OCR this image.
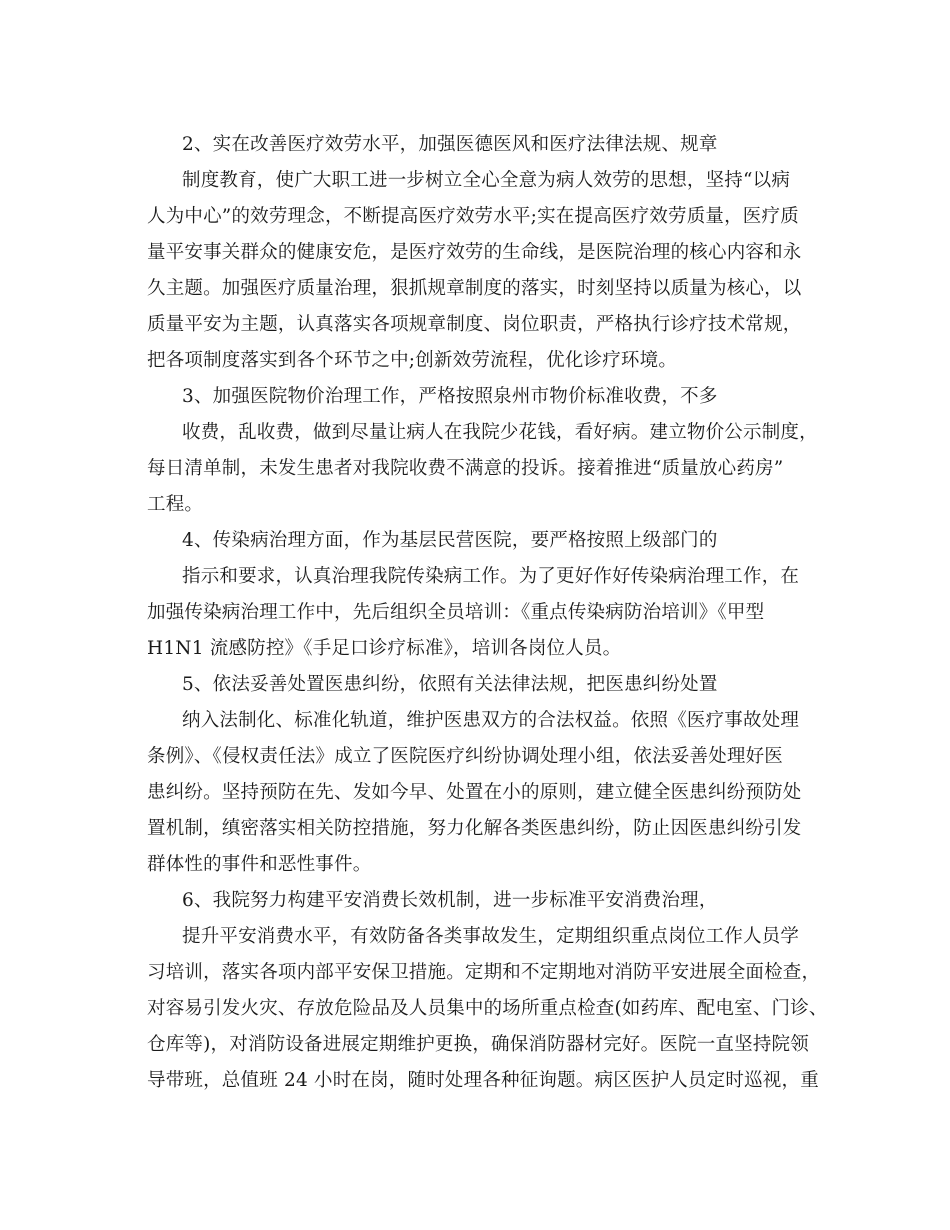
2、实在改善医疗效劳水平，加强医德医风和医疗法律法规、规章
制度教育，使广大职工进一步树立全心全意为病人效劳的思想，坚持“以病
人为中心”的效劳理念，不断提高医疗效劳水平;实在提高医疗效劳质量，医疗质
量平安事关群众的健康安危，是医疗效劳的生命线，是医院治理的核心内容和永
久主题。加强医疗质量治理，狠抓规章制度的落实，时刻坚持以质量为核心，以
质量平安为主题，认真落实各项规章制度、岗位职责，严格执行诊疗技术常规，
把各项制度落实到各个环节之中;创新效劳流程，优化诊疗环境。
3、加强医院物价治理工作，严格按照泉州市物价标准收费，不多
收费，乱收费，做到尽量让病人在我院少花钱，看好病。建立物价公示制度，
每日清单制，未发生患者对我院收费不满意的投诉。接着推进“质量放心药房”
工程。
4、传染病治理方面，作为基层民营医院，要严格按照上级部门的
指示和要求，认真治理我院传染病工作。为了更好作好传染病治理工作，在
加强传染病治理工作中，先后组织全员培训：《重点传染病防治培训》《甲型
H1N1 流感防控》《手足口诊疗标准》，培训各岗位人员。
5、依法妥善处置医患纠纷，依照有关法律法规，把医患纠纷处置
纳入法制化、标准化轨道，维护医患双方的合法权益。依照《医疗事故处理
条例》、《侵权责任法》成立了医院医疗纠纷协调处理小组，依法妥善处理好医
患纠纷。坚持预防在先、发如今早、处置在小的原则，建立健全医患纠纷预防处
置机制，缜密落实相关防控措施，努力化解各类医患纠纷，防止因医患纠纷引发
群体性的事件和恶性事件。
6、我院努力构建平安消费长效机制，进一步标准平安消费治理，
提升平安消费水平，有效防备各类事故发生，定期组织重点岗位工作人员学
习培训，落实各项内部平安保卫措施。定期和不定期地对消防平安进展全面检查，
对容易引发火灾、存放危险品及人员集中的场所重点检查(如药库、配电室、门诊、
仓库等)，对消防设备进展定期维护更换，确保消防器材完好。医院一直坚持院领
导带班，总值班 24 小时在岗，随时处理各种征询题。病区医护人员定时巡视，重
